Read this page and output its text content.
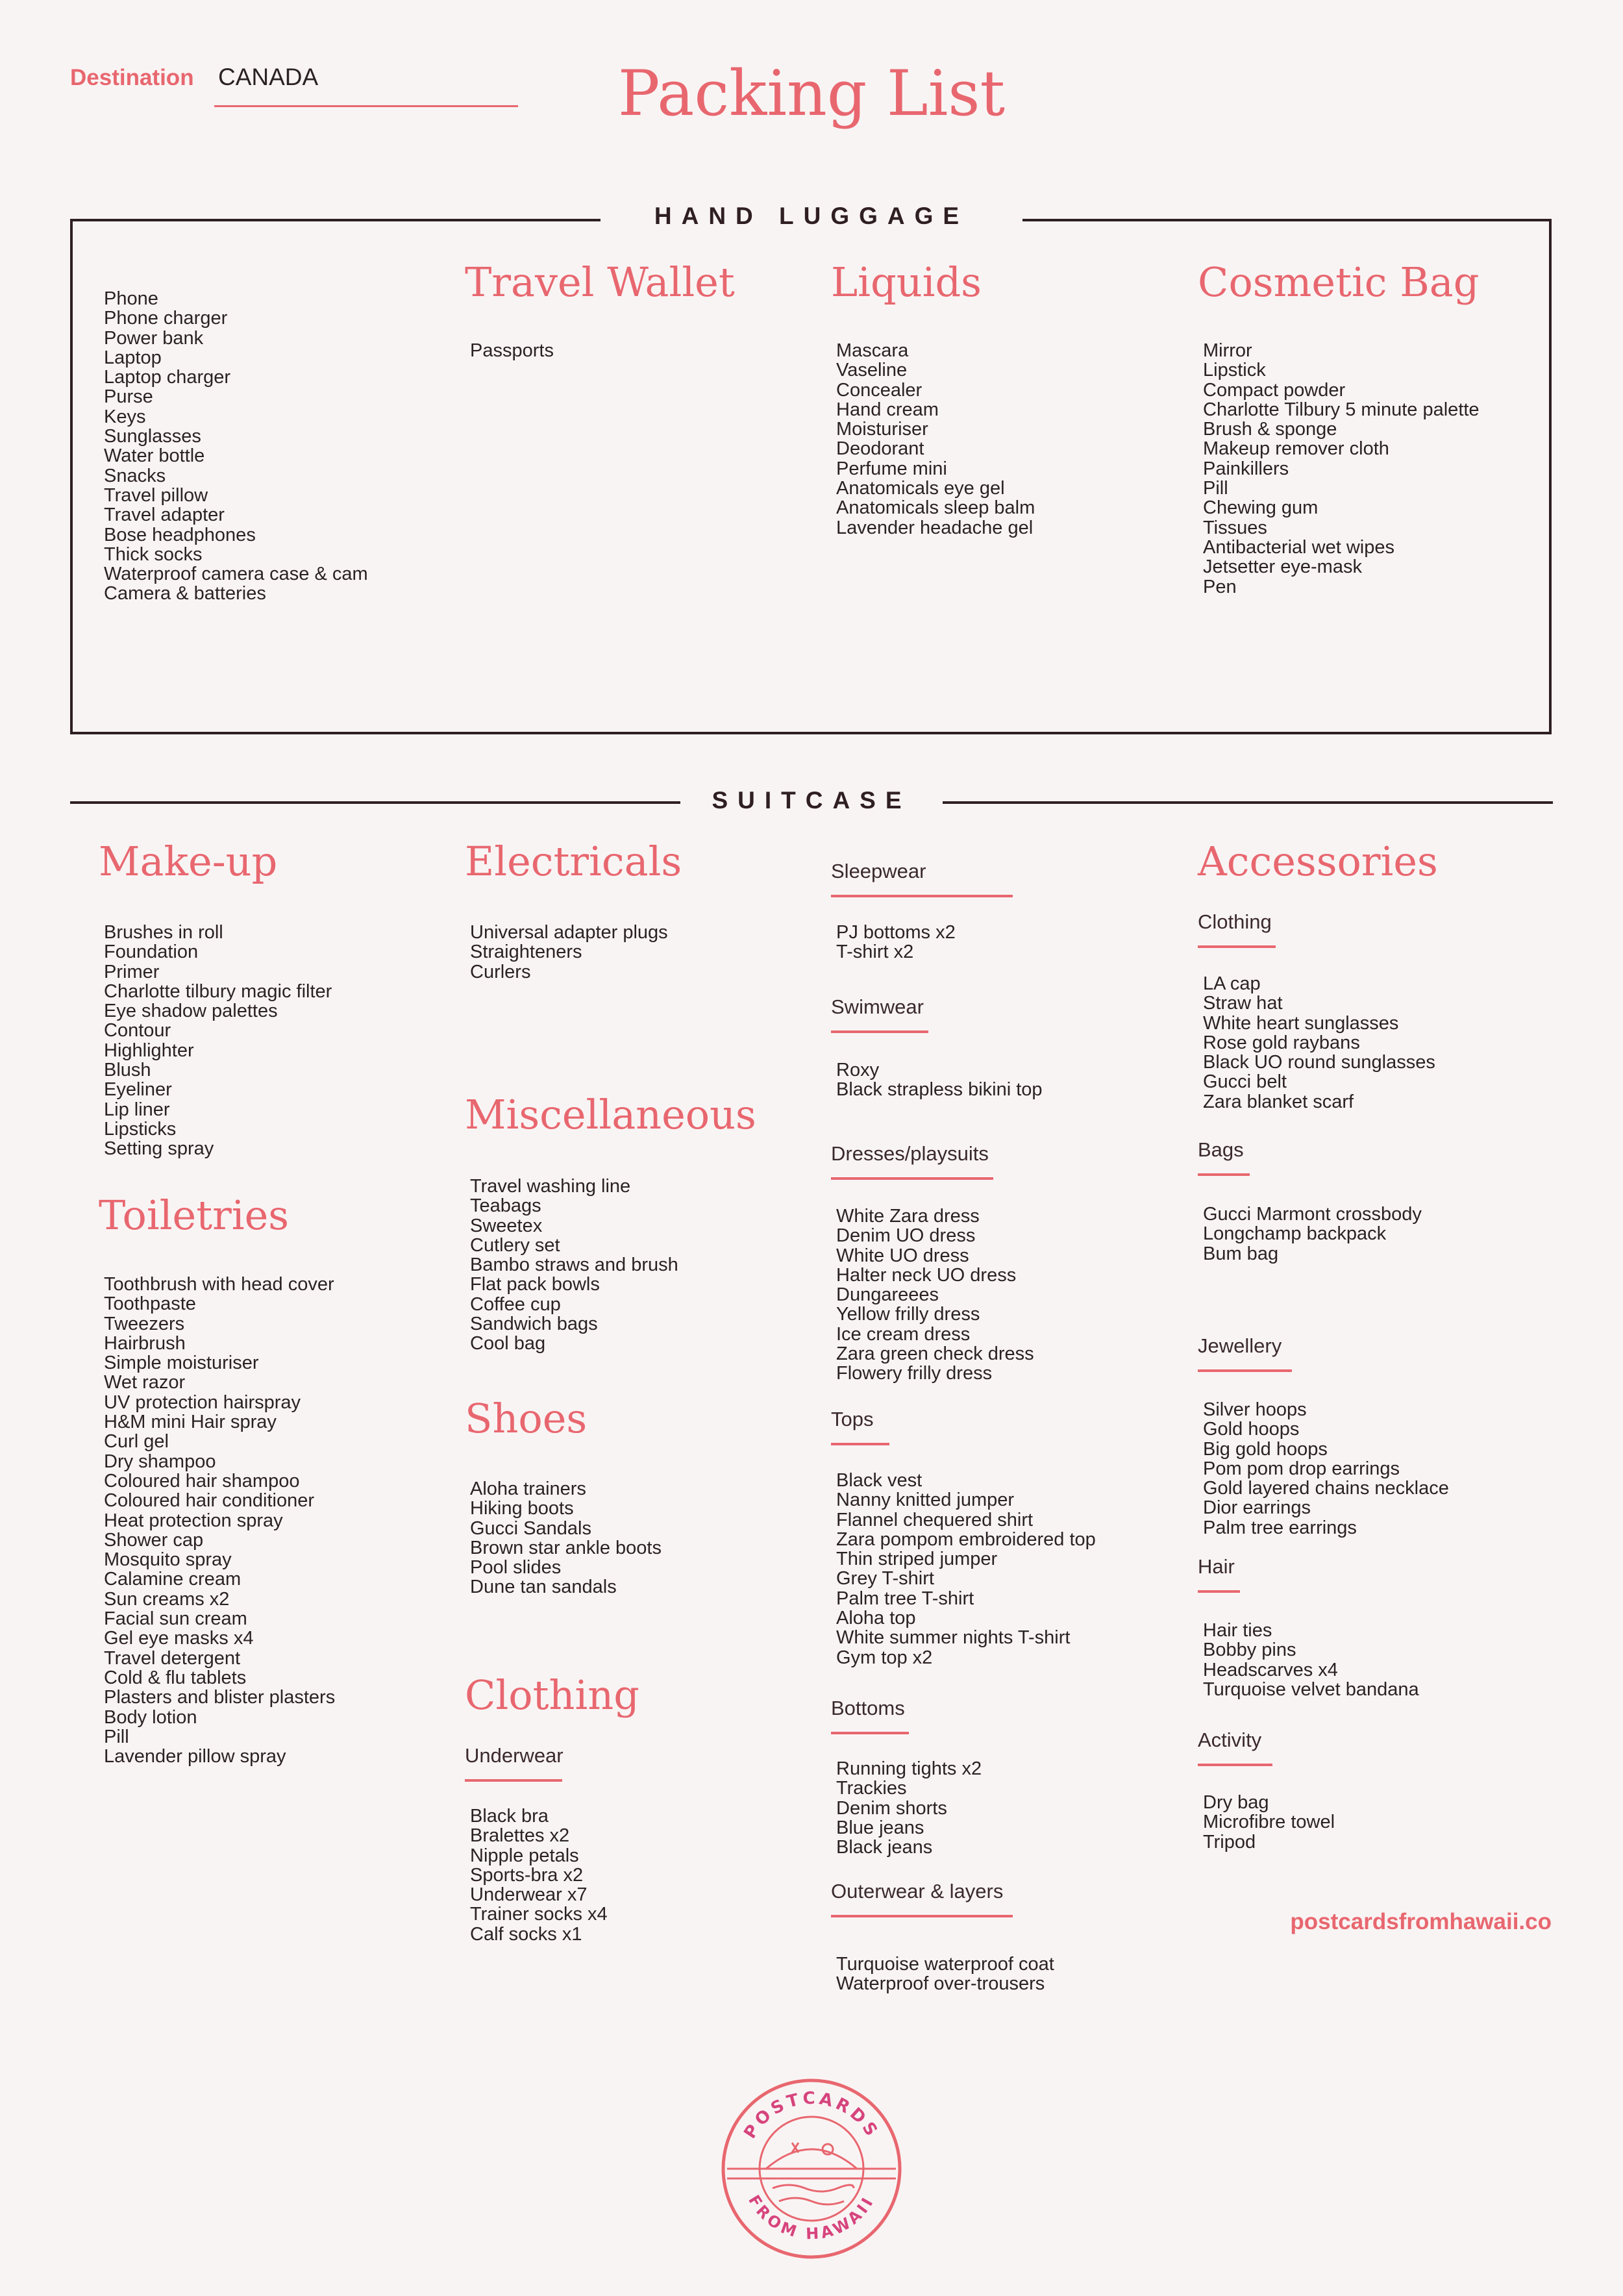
Destination CANADA	Packing List
HAND LUGGAGE
Phone
Phone charger
Power bank
Laptop
Laptop charger
Purse
Keys
Sunglasses
Water bottle
Snacks
Travel pillow
Travel adapter
Bose headphones
Thick socks
Waterproof camera case & cam
Camera & batteries
Travel Wallet
Passports
Liquids
Mascara
Vaseline
Concealer
Hand cream
Moisturiser
Deodorant
Perfume mini
Anatomicals eye gel
Anatomicals sleep balm
Lavender headache gel
Cosmetic Bag
Mirror
Lipstick
Compact powder
Charlotte Tilbury 5 minute palette
Brush & sponge
Makeup remover cloth
Painkillers
Pill
Chewing gum
Tissues
Antibacterial wet wipes
Jetsetter eye-mask
Pen
SUITCASE
Make-up
Brushes in roll
Foundation
Primer
Charlotte tilbury magic filter
Eye shadow palettes
Contour
Highlighter
Blush
Eyeliner
Lip liner
Lipsticks
Setting spray
Toiletries
Toothbrush with head cover
Toothpaste
Tweezers
Hairbrush
Simple moisturiser
Wet razor
UV protection hairspray
H&M mini Hair spray
Curl gel
Dry shampoo
Coloured hair shampoo
Coloured hair conditioner
Heat protection spray
Shower cap
Mosquito spray
Calamine cream
Sun creams x2
Facial sun cream
Gel eye masks x4
Travel detergent
Cold & flu tablets
Plasters and blister plasters
Body lotion
Pill
Lavender pillow spray
Electricals
Universal adapter plugs
Straighteners
Curlers
Miscellaneous
Travel washing line
Teabags
Sweetex
Cutlery set
Bambo straws and brush
Flat pack bowls
Coffee cup
Sandwich bags
Cool bag
Shoes
Aloha trainers
Hiking boots
Gucci Sandals
Brown star ankle boots
Pool slides
Dune tan sandals
Clothing
Underwear
Black bra
Bralettes x2
Nipple petals
Sports-bra x2
Underwear x7
Trainer socks x4
Calf socks x1
Sleepwear
PJ bottoms x2
T-shirt x2
Swimwear
Roxy
Black strapless bikini top
Dresses/playsuits
White Zara dress
Denim UO dress
White UO dress
Halter neck UO dress
Dungareees
Yellow frilly dress
Ice cream dress
Zara green check dress
Flowery frilly dress
Tops
Black vest
Nanny knitted jumper
Flannel chequered shirt
Zara pompom embroidered top
Thin striped jumper
Grey T-shirt
Palm tree T-shirt
Aloha top
White summer nights T-shirt
Gym top x2
Bottoms
Running tights x2
Trackies
Denim shorts
Blue jeans
Black jeans
Outerwear & layers
Turquoise waterproof coat
Waterproof over-trousers
Accessories
Clothing
LA cap
Straw hat
White heart sunglasses
Rose gold raybans
Black UO round sunglasses
Gucci belt
Zara blanket scarf
Bags
Gucci Marmont crossbody
Longchamp backpack
Bum bag
Jewellery
Silver hoops
Gold hoops
Big gold hoops
Pom pom drop earrings
Gold layered chains necklace
Dior earrings
Palm tree earrings
Hair
Hair ties
Bobby pins
Headscarves x4
Turquoise velvet bandana
Activity
Dry bag
Microfibre towel
Tripod
POSTCARDS
FROM HAWAII
postcardsfromhawaii.co
